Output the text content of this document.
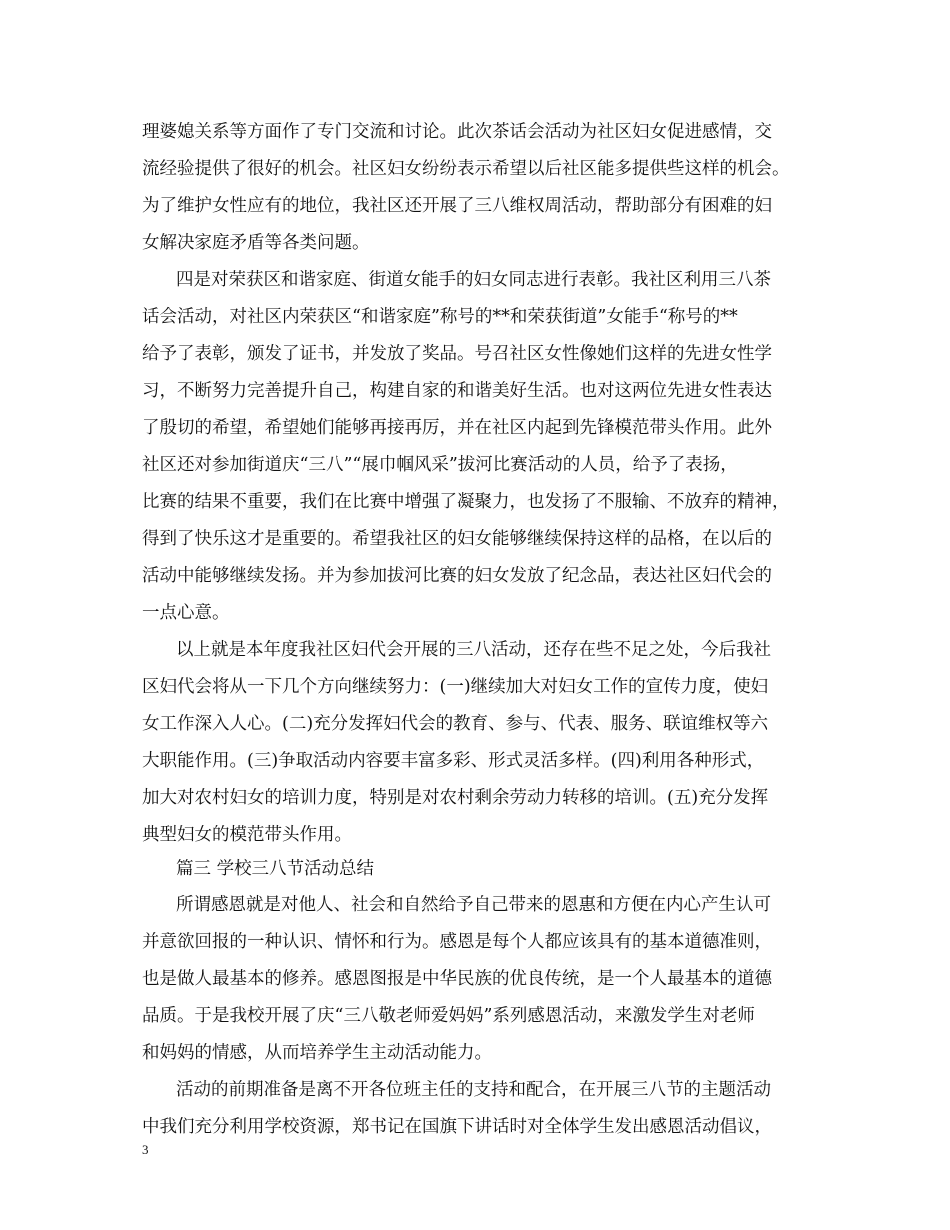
理婆媳关系等方面作了专门交流和讨论。此次茶话会活动为社区妇女促进感情，交
流经验提供了很好的机会。社区妇女纷纷表示希望以后社区能多提供些这样的机会。
为了维护女性应有的地位，我社区还开展了三八维权周活动，帮助部分有困难的妇
女解决家庭矛盾等各类问题。
四是对荣获区和谐家庭、街道女能手的妇女同志进行表彰。我社区利用三八茶
话会活动，对社区内荣获区“和谐家庭”称号的**和荣获街道”女能手“称号的**
给予了表彰，颁发了证书，并发放了奖品。号召社区女性像她们这样的先进女性学
习，不断努力完善提升自己，构建自家的和谐美好生活。也对这两位先进女性表达
了殷切的希望，希望她们能够再接再厉，并在社区内起到先锋模范带头作用。此外
社区还对参加街道庆“三八”“展巾帼风采”拔河比赛活动的人员，给予了表扬，
比赛的结果不重要，我们在比赛中增强了凝聚力，也发扬了不服输、不放弃的精神，
得到了快乐这才是重要的。希望我社区的妇女能够继续保持这样的品格，在以后的
活动中能够继续发扬。并为参加拔河比赛的妇女发放了纪念品，表达社区妇代会的
一点心意。
以上就是本年度我社区妇代会开展的三八活动，还存在些不足之处，今后我社
区妇代会将从一下几个方向继续努力：(一)继续加大对妇女工作的宣传力度，使妇
女工作深入人心。(二)充分发挥妇代会的教育、参与、代表、服务、联谊维权等六
大职能作用。(三)争取活动内容要丰富多彩、形式灵活多样。(四)利用各种形式，
加大对农村妇女的培训力度，特别是对农村剩余劳动力转移的培训。(五)充分发挥
典型妇女的模范带头作用。
篇三 学校三八节活动总结
所谓感恩就是对他人、社会和自然给予自己带来的恩惠和方便在内心产生认可
并意欲回报的一种认识、情怀和行为。感恩是每个人都应该具有的基本道德准则，
也是做人最基本的修养。感恩图报是中华民族的优良传统，是一个人最基本的道德
品质。于是我校开展了庆“三八敬老师爱妈妈”系列感恩活动，来激发学生对老师
和妈妈的情感，从而培养学生主动活动能力。
活动的前期准备是离不开各位班主任的支持和配合，在开展三八节的主题活动
中我们充分利用学校资源，郑书记在国旗下讲话时对全体学生发出感恩活动倡议，
3
